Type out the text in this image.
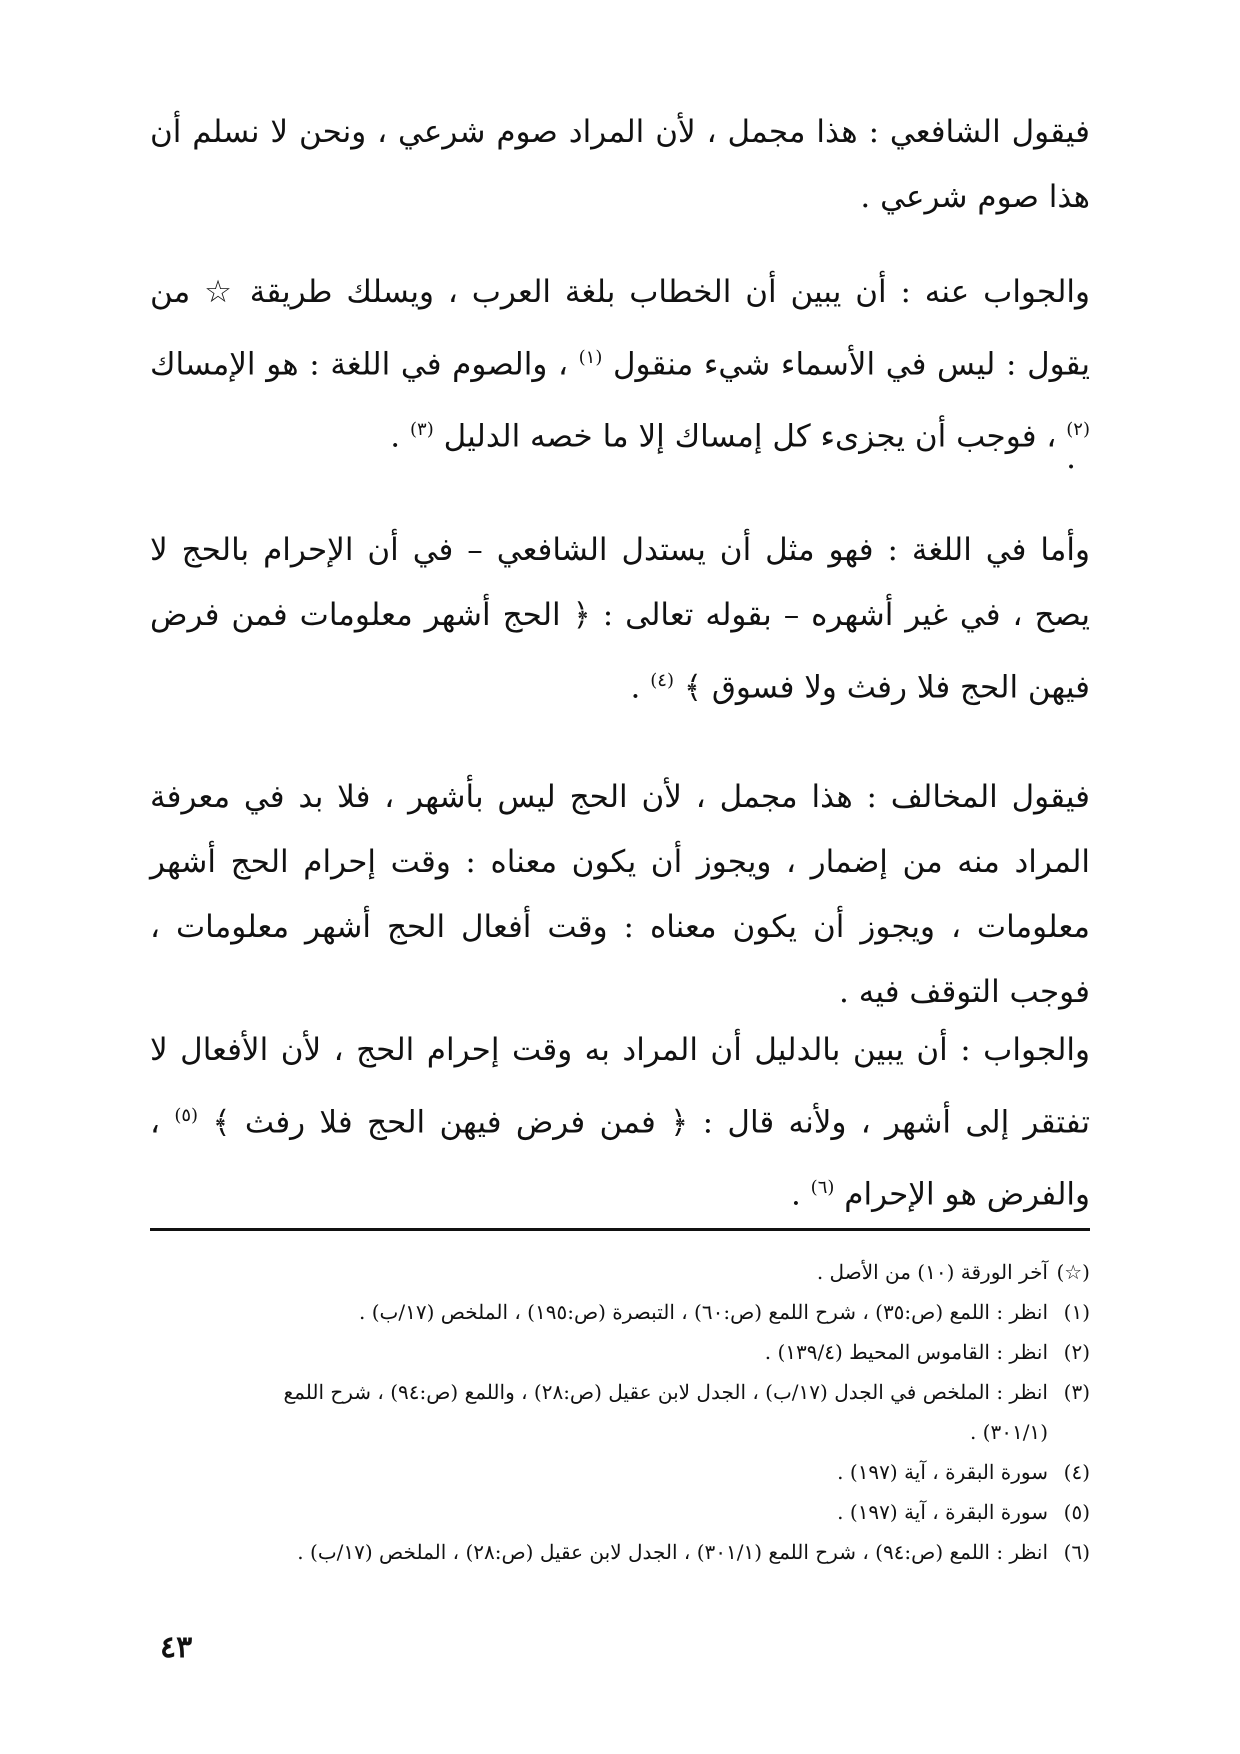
فيقول الشافعي : هذا مجمل ، لأن المراد صوم شرعي ، ونحن لا نسلم أن هذا صوم شرعي .

والجواب عنه : أن يبين أن الخطاب بلغة العرب ، ويسلك طريقة ☆ من يقول : ليس في الأسماء شيء منقول $^{(١)}$ ، والصوم في اللغة : هو الإمساك $^{(٢)}$ ، فوجب أن يجزىء كل إمساك إلا ما خصه الدليل $^{(٣)}$ .

.

وأما في اللغة : فهو مثل أن يستدل الشافعي – في أن الإحرام بالحج لا يصح ، في غير أشهره – بقوله تعالى : ﴿ الحج أشهر معلومات فمن فرض فيهن الحج فلا رفث ولا فسوق ﴾ $^{(٤)}$ .

فيقول المخالف : هذا مجمل ، لأن الحج ليس بأشهر ، فلا بد في معرفة المراد منه من إضمار ، ويجوز أن يكون معناه : وقت إحرام الحج أشهر معلومات ، ويجوز أن يكون معناه : وقت أفعال الحج أشهر معلومات ، فوجب التوقف فيه .

والجواب : أن يبين بالدليل أن المراد به وقت إحرام الحج ، لأن الأفعال لا تفتقر إلى أشهر ، ولأنه قال : ﴿ فمن فرض فيهن الحج فلا رفث ﴾ $^{(٥)}$ ، والفرض هو الإحرام $^{(٦)}$ .

(☆)
آخر الورقة (١٠) من الأصل .
(١)
انظر : اللمع (ص:٣٥) ، شرح اللمع (ص:٦٠) ، التبصرة (ص:١٩٥) ، الملخص (١٧/ب) .
(٢)
انظر : القاموس المحيط (١٣٩/٤) .
(٣)
انظر : الملخص في الجدل (١٧/ب) ، الجدل لابن عقيل (ص:٢٨) ، واللمع (ص:٩٤) ، شرح اللمع
(٣٠١/١) .
(٤)
سورة البقرة ، آية (١٩٧) .
(٥)
سورة البقرة ، آية (١٩٧) .
(٦)
انظر : اللمع (ص:٩٤) ، شرح اللمع (٣٠١/١) ، الجدل لابن عقيل (ص:٢٨) ، الملخص (١٧/ب) .
٤٣
